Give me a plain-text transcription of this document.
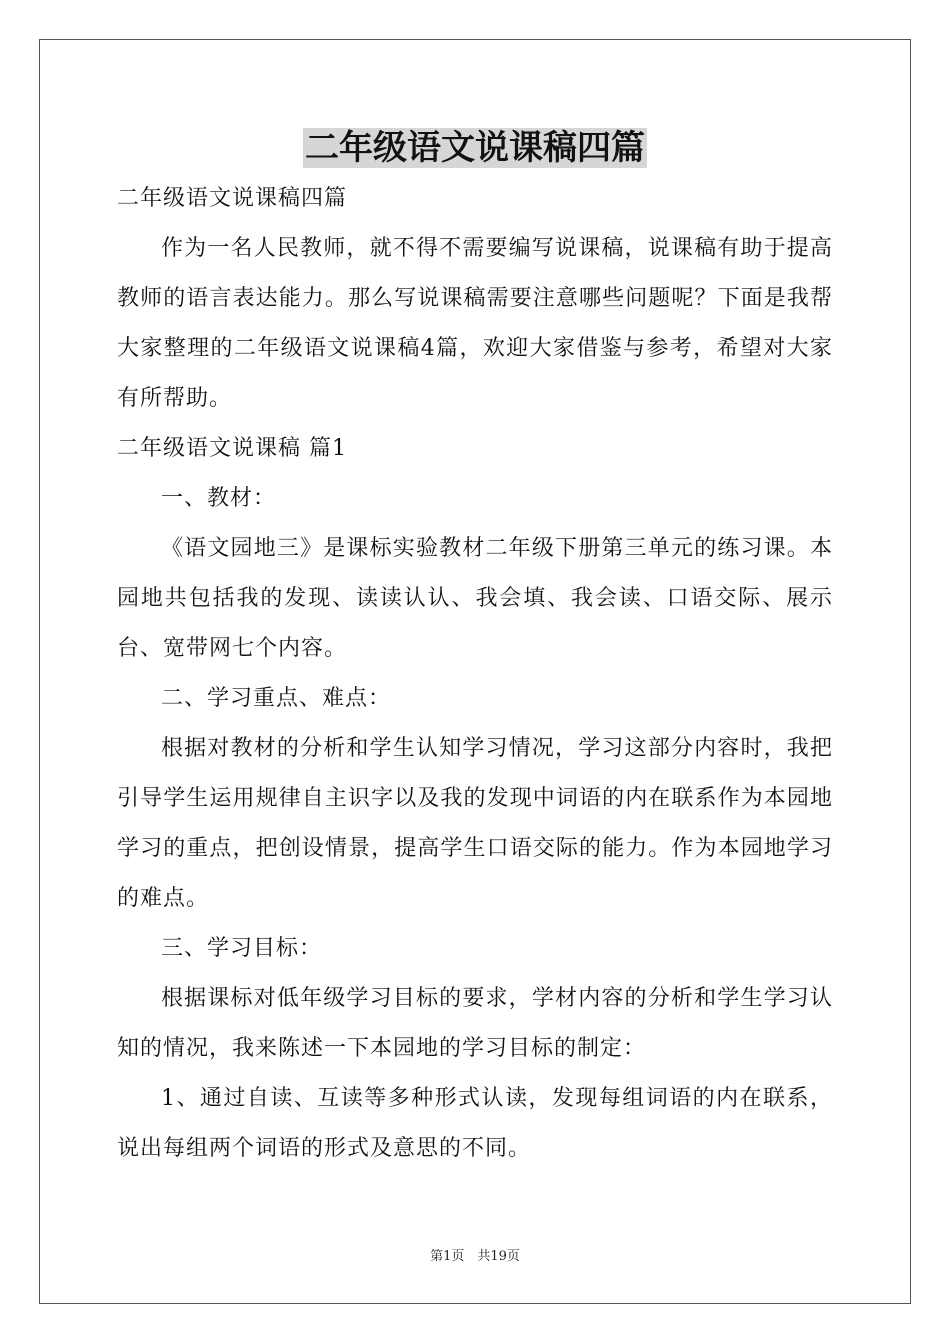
二年级语文说课稿四篇

二年级语文说课稿四篇

作为一名人民教师，就不得不需要编写说课稿，说课稿有助于提高教师的语言表达能力。那么写说课稿需要注意哪些问题呢？下面是我帮大家整理的二年级语文说课稿4篇，欢迎大家借鉴与参考，希望对大家有所帮助。

二年级语文说课稿 篇1

一、教材：

《语文园地三》是课标实验教材二年级下册第三单元的练习课。本园地共包括我的发现、读读认认、我会填、我会读、口语交际、展示台、宽带网七个内容。

二、学习重点、难点：

根据对教材的分析和学生认知学习情况，学习这部分内容时，我把引导学生运用规律自主识字以及我的发现中词语的内在联系作为本园地学习的重点，把创设情景，提高学生口语交际的能力。作为本园地学习的难点。

三、学习目标：

根据课标对低年级学习目标的要求，学材内容的分析和学生学习认知的情况，我来陈述一下本园地的学习目标的制定：

1、通过自读、互读等多种形式认读，发现每组词语的内在联系，说出每组两个词语的形式及意思的不同。

第1页　共19页
